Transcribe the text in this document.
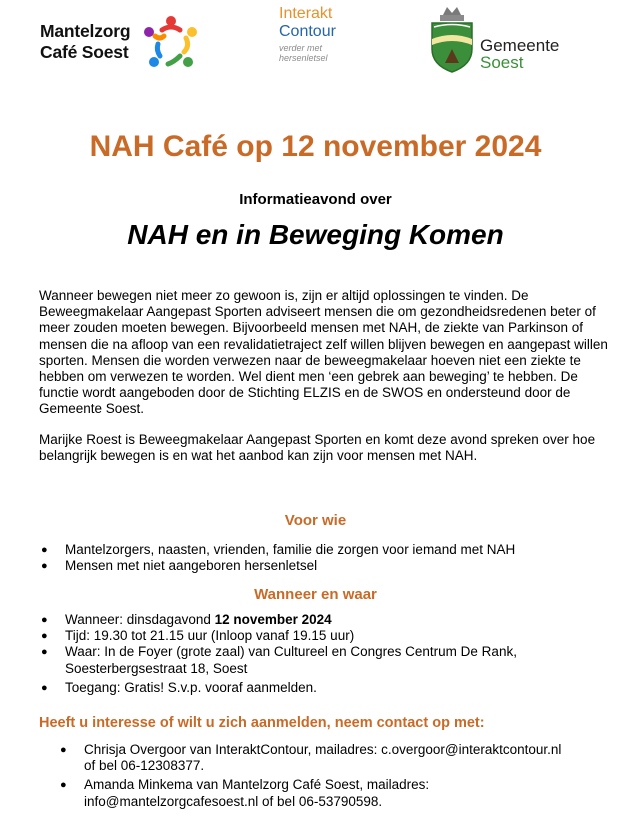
Mantelzorg
Café Soest
Interakt
Contour
verder met
hersenletsel
Gemeente
Soest
NAH Café op 12 november 2024
Informatieavond over
NAH en in Beweging Komen

Wanneer bewegen niet meer zo gewoon is, zijn er altijd oplossingen te vinden. De Beweegmakelaar Aangepast Sporten adviseert mensen die om gezondheidsredenen beter of meer zouden moeten bewegen. Bijvoorbeeld mensen met NAH, de ziekte van Parkinson of mensen die na afloop van een revalidatietraject zelf willen blijven bewegen en aangepast willen sporten. Mensen die worden verwezen naar de beweegmakelaar hoeven niet een ziekte te hebben om verwezen te worden. Wel dient men ‘een gebrek aan beweging’ te hebben. De functie wordt aangeboden door de Stichting ELZIS en de SWOS en ondersteund door de Gemeente Soest.

Marijke Roest is Beweegmakelaar Aangepast Sporten en komt deze avond spreken over hoe belangrijk bewegen is en wat het aanbod kan zijn voor mensen met NAH.

Voor wie
● Mantelzorgers, naasten, vrienden, familie die zorgen voor iemand met NAH
● Mensen met niet aangeboren hersenletsel
Wanneer en waar
● Wanneer: dinsdagavond 12 november 2024
● Tijd: 19.30 tot 21.15 uur (Inloop vanaf 19.15 uur)
● Waar: In de Foyer (grote zaal) van Cultureel en Congres Centrum De Rank,
Soesterbergsestraat 18, Soest
● Toegang: Gratis! S.v.p. vooraf aanmelden.
Heeft u interesse of wilt u zich aanmelden, neem contact op met:
● Chrisja Overgoor van InteraktContour, mailadres: c.overgoor@interaktcontour.nl
of bel 06-12308377.
● Amanda Minkema van Mantelzorg Café Soest, mailadres:
info@mantelzorgcafesoest.nl of bel 06-53790598.
